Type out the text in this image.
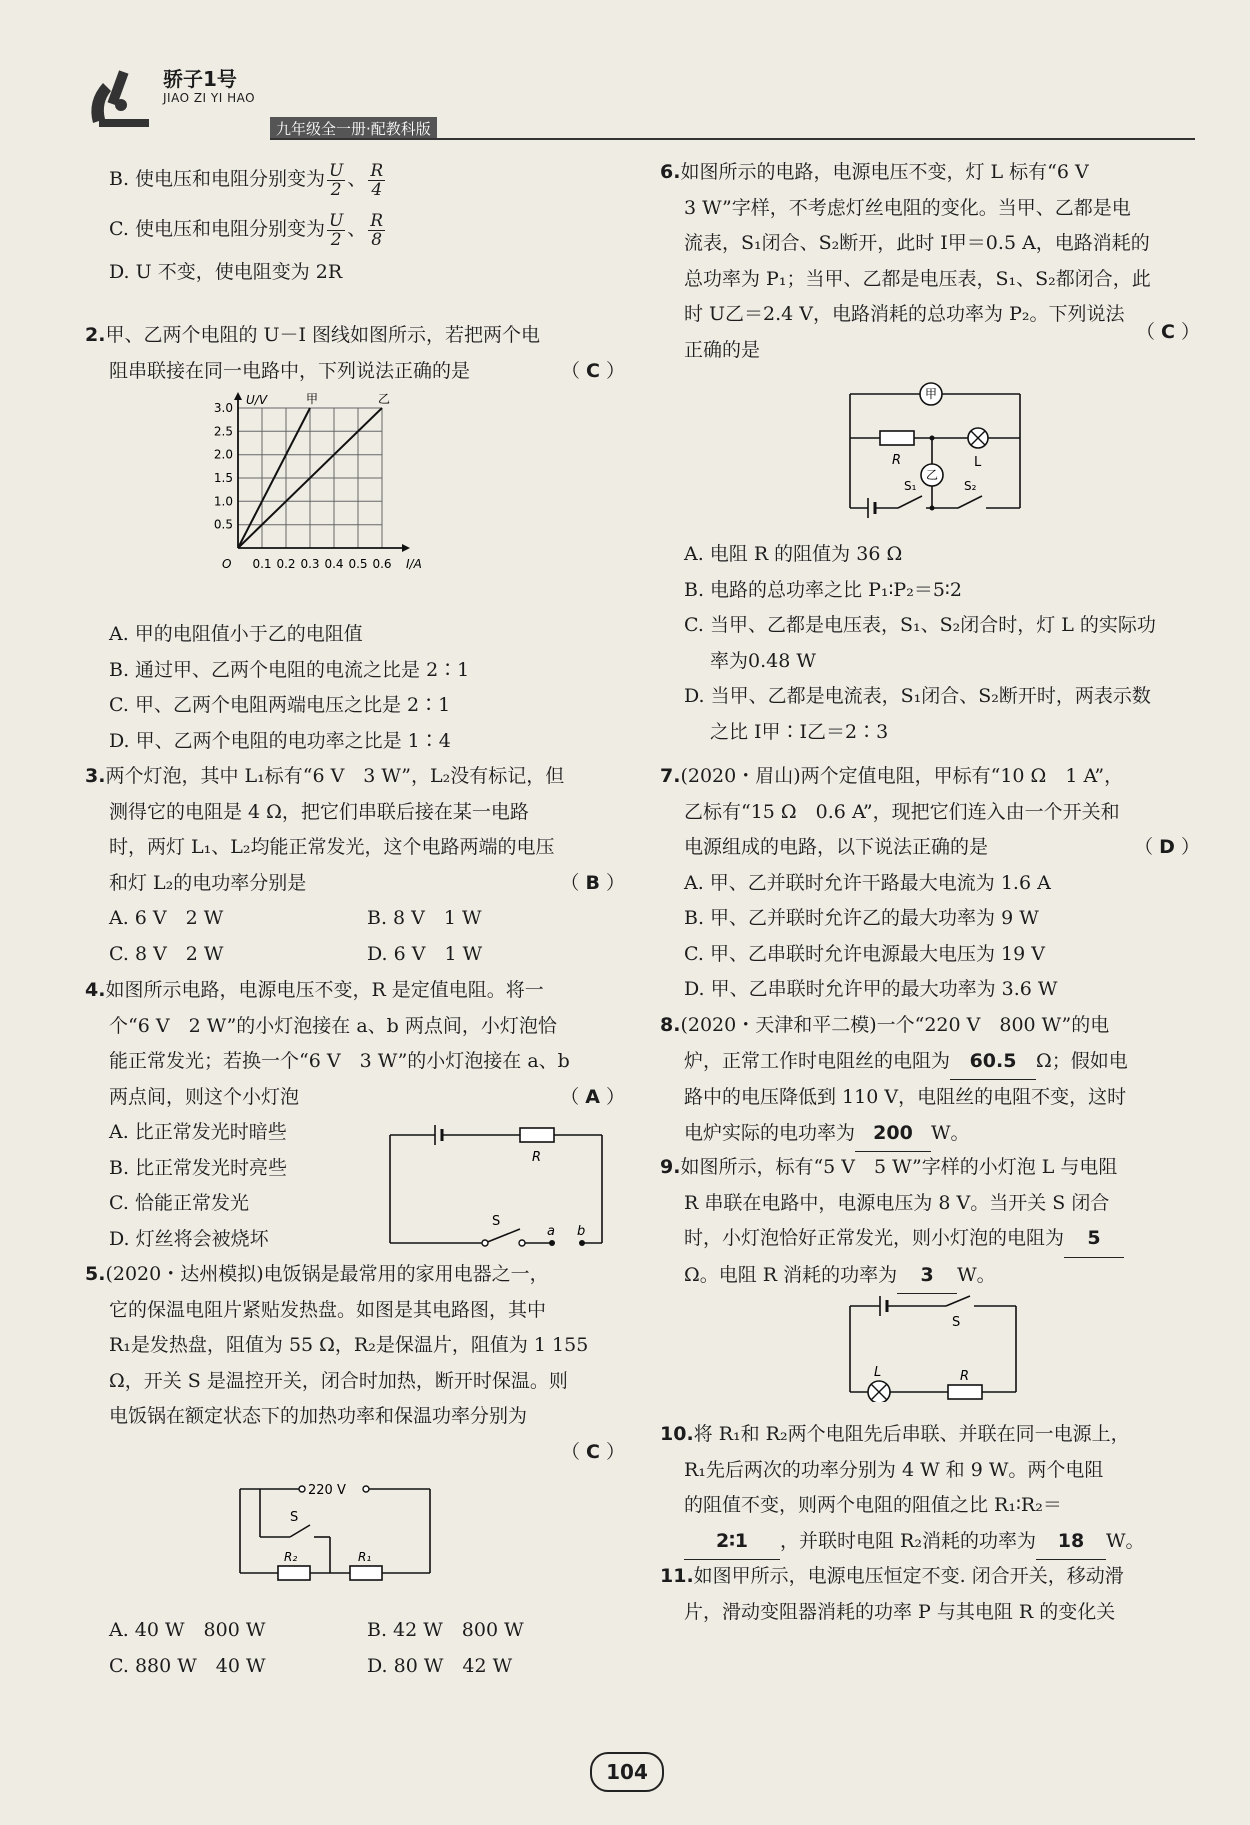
骄子1号
JIAO ZI YI HAO
九年级全一册·配教科版
B. 使电压和电阻分别变为 $\frac{U}{2}$ 、 $\frac{R}{4}$
C. 使电压和电阻分别变为 $\frac{U}{2}$ 、 $\frac{R}{8}$
D. U 不变，使电阻变为 2R
2.甲、乙两个电阻的 U－I 图线如图所示，若把两个电
阻串联接在同一电路中，下列说法正确的是	（ C ）
U/V
I/A
O
甲	乙
0.5
1.0
1.5
2.0
2.5
3.0
0.1 0.2 0.3 0.4 0.5 0.6
A. 甲的电阻值小于乙的电阻值
B. 通过甲、乙两个电阻的电流之比是 2∶1
C. 甲、乙两个电阻两端电压之比是 2∶1
D. 甲、乙两个电阻的电功率之比是 1∶4
3.两个灯泡，其中 L₁标有“6 V　3 W”，L₂没有标记，但
测得它的电阻是 4 Ω，把它们串联后接在某一电路
时，两灯 L₁、L₂均能正常发光，这个电路两端的电压
和灯 L₂的电功率分别是	（ B ）
A. 6 V　2 W	B. 8 V　1 W
C. 8 V　2 W	D. 6 V　1 W
4.如图所示电路，电源电压不变，R 是定值电阻。将一
个“6 V　2 W”的小灯泡接在 a、b 两点间，小灯泡恰
能正常发光；若换一个“6 V　3 W”的小灯泡接在 a、b
两点间，则这个小灯泡	（ A ）
A. 比正常发光时暗些
B. 比正常发光时亮些
C. 恰能正常发光
D. 灯丝将会被烧坏
R
S
a b
5.(2020・达州模拟)电饭锅是最常用的家用电器之一，
它的保温电阻片紧贴发热盘。如图是其电路图，其中
R₁是发热盘，阻值为 55 Ω，R₂是保温片，阻值为 1 155
Ω，开关 S 是温控开关，闭合时加热，断开时保温。则
电饭锅在额定状态下的加热功率和保温功率分别为
（ C ）

220 V
S
R₂	R₁
A. 40 W　800 W	B. 42 W　800 W
C. 880 W　40 W	D. 80 W　42 W
6.如图所示的电路，电源电压不变，灯 L 标有“6 V
3 W”字样，不考虑灯丝电阻的变化。当甲、乙都是电
流表，S₁闭合、S₂断开，此时 I甲＝0.5 A，电路消耗的
总功率为 P₁；当甲、乙都是电压表，S₁、S₂都闭合，此
时 U乙＝2.4 V，电路消耗的总功率为 P₂。下列说法
正确的是
（ C ）
甲
乙
R	L
S₁	S₂
A. 电阻 R 的阻值为 36 Ω
B. 电路的总功率之比 P₁∶P₂＝5∶2
C. 当甲、乙都是电压表，S₁、S₂闭合时，灯 L 的实际功
率为0.48 W
D. 当甲、乙都是电流表，S₁闭合、S₂断开时，两表示数
之比 I甲∶I乙＝2∶3
7.(2020・眉山)两个定值电阻，甲标有“10 Ω　1 A”，
乙标有“15 Ω　0.6 A”，现把它们连入由一个开关和
电源组成的电路，以下说法正确的是	（ D ）
A. 甲、乙并联时允许干路最大电流为 1.6 A
B. 甲、乙并联时允许乙的最大功率为 9 W
C. 甲、乙串联时允许电源最大电压为 19 V
D. 甲、乙串联时允许甲的最大功率为 3.6 W
8.(2020・天津和平二模)一个“220 V　800 W”的电
炉，正常工作时电阻丝的电阻为 60.5 Ω；假如电
路中的电压降低到 110 V，电阻丝的电阻不变，这时
电炉实际的电功率为 200 W。
9.如图所示，标有“5 V　5 W”字样的小灯泡 L 与电阻
R 串联在电路中，电源电压为 8 V。当开关 S 闭合
时，小灯泡恰好正常发光，则小灯泡的电阻为 5
Ω。电阻 R 消耗的功率为 3 W。
S
L	R
10.将 R₁和 R₂两个电阻先后串联、并联在同一电源上，
R₁先后两次的功率分别为 4 W 和 9 W。两个电阻
的阻值不变，则两个电阻的阻值之比 R₁∶R₂＝
2∶1 ，并联时电阻 R₂消耗的功率为 18 W。
11.如图甲所示，电源电压恒定不变. 闭合开关，移动滑
片，滑动变阻器消耗的功率 P 与其电阻 R 的变化关
104
